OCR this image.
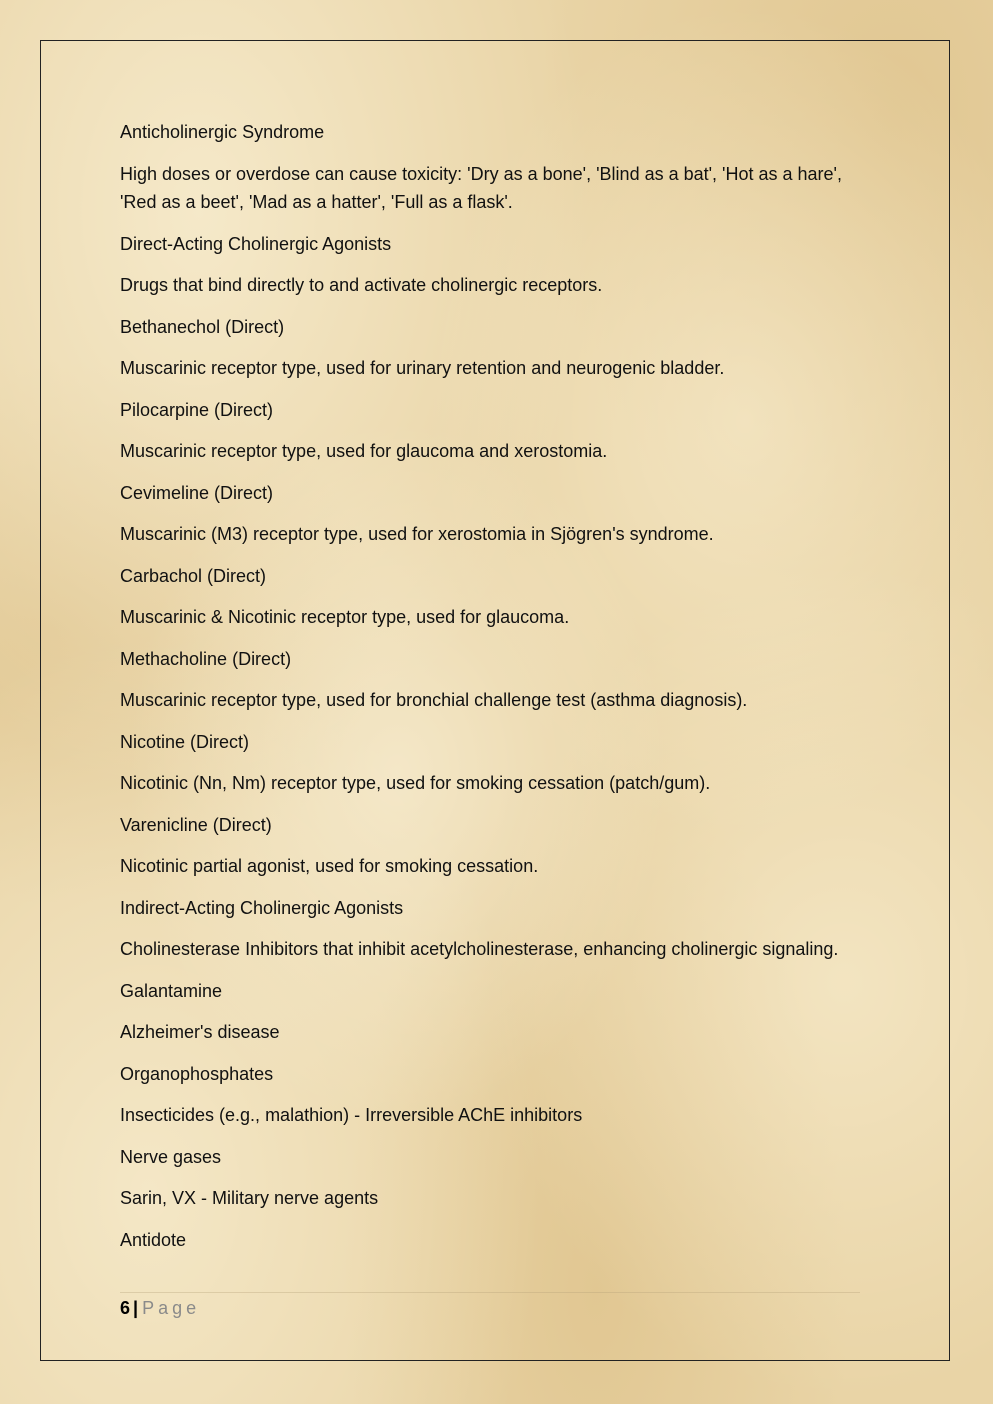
Anticholinergic Syndrome

High doses or overdose can cause toxicity: 'Dry as a bone', 'Blind as a bat', 'Hot as a hare', 'Red as a beet', 'Mad as a hatter', 'Full as a flask'.

Direct-Acting Cholinergic Agonists

Drugs that bind directly to and activate cholinergic receptors.

Bethanechol (Direct)

Muscarinic receptor type, used for urinary retention and neurogenic bladder.

Pilocarpine (Direct)

Muscarinic receptor type, used for glaucoma and xerostomia.

Cevimeline (Direct)

Muscarinic (M3) receptor type, used for xerostomia in Sjögren's syndrome.

Carbachol (Direct)

Muscarinic & Nicotinic receptor type, used for glaucoma.

Methacholine (Direct)

Muscarinic receptor type, used for bronchial challenge test (asthma diagnosis).

Nicotine (Direct)

Nicotinic (Nn, Nm) receptor type, used for smoking cessation (patch/gum).

Varenicline (Direct)

Nicotinic partial agonist, used for smoking cessation.

Indirect-Acting Cholinergic Agonists

Cholinesterase Inhibitors that inhibit acetylcholinesterase, enhancing cholinergic signaling.

Galantamine

Alzheimer's disease

Organophosphates

Insecticides (e.g., malathion) - Irreversible AChE inhibitors

Nerve gases

Sarin, VX - Military nerve agents

Antidote

6 | Page
